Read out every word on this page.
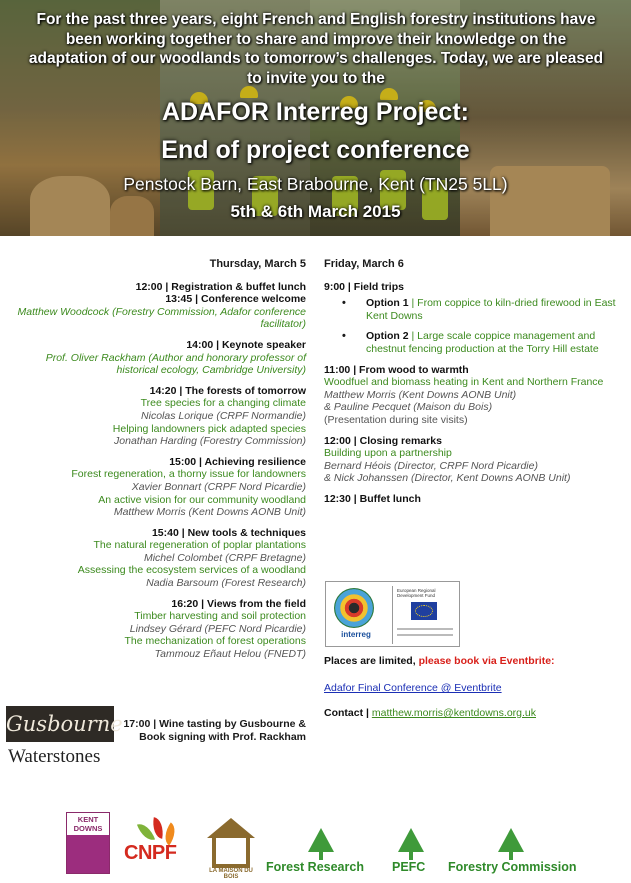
For the past three years, eight French and English forestry institutions have been working together to share and improve their knowledge on the adaptation of our woodlands to tomorrow’s challenges. Today, we are pleased to invite you to the
ADAFOR Interreg Project:
End of project conference
Penstock Barn, East Brabourne, Kent (TN25 5LL)
5th & 6th March 2015
Thursday, March 5
12:00 | Registration & buffet lunch
13:45 | Conference welcome
Matthew Woodcock (Forestry Commission, Adafor conference facilitator)
14:00 | Keynote speaker
Prof. Oliver Rackham (Author and honorary professor of historical ecology, Cambridge University)
14:20 | The forests of tomorrow
Tree species for a changing climate
Nicolas Lorique (CRPF Normandie)
Helping landowners pick adapted species
Jonathan Harding (Forestry Commission)
15:00 | Achieving resilience
Forest regeneration, a thorny issue for landowners
Xavier Bonnart (CRPF Nord Picardie)
An active vision for our community woodland
Matthew Morris (Kent Downs AONB Unit)
15:40 | New tools & techniques
The natural regeneration of poplar plantations
Michel Colombet (CRPF Bretagne)
Assessing the ecosystem services of a woodland
Nadia Barsoum (Forest Research)
16:20 | Views from the field
Timber harvesting and soil protection
Lindsey Gérard (PEFC Nord Picardie)
The mechanization of forest operations
Tammouz Eñaut Helou (FNEDT)
Gusbourne
Waterstones
17:00 | Wine tasting by Gusbourne &
Book signing with Prof. Rackham
Friday, March 6
9:00 | Field trips
•	Option 1 | From coppice to kiln-dried firewood in East Kent Downs
•	Option 2 | Large scale coppice management and chestnut fencing production at the Torry Hill estate
11:00 | From wood to warmth
Woodfuel and biomass heating in Kent and Northern France
Matthew Morris (Kent Downs AONB Unit)
& Pauline Pecquet (Maison du Bois)
(Presentation during site visits)
12:00 | Closing remarks
Building upon a partnership
Bernard Héois (Director, CRPF Nord Picardie)
& Nick Johanssen (Director, Kent Downs AONB Unit)
12:30 | Buffet lunch
interreg
European Regional Development Fund
Places are limited, please book via Eventbrite:
Adafor Final Conference @ Eventbrite
Contact | matthew.morris@kentdowns.org.uk
KENT DOWNS
CNPF
LA MAISON DU BOIS
Forest Research PEFC Forestry Commission
